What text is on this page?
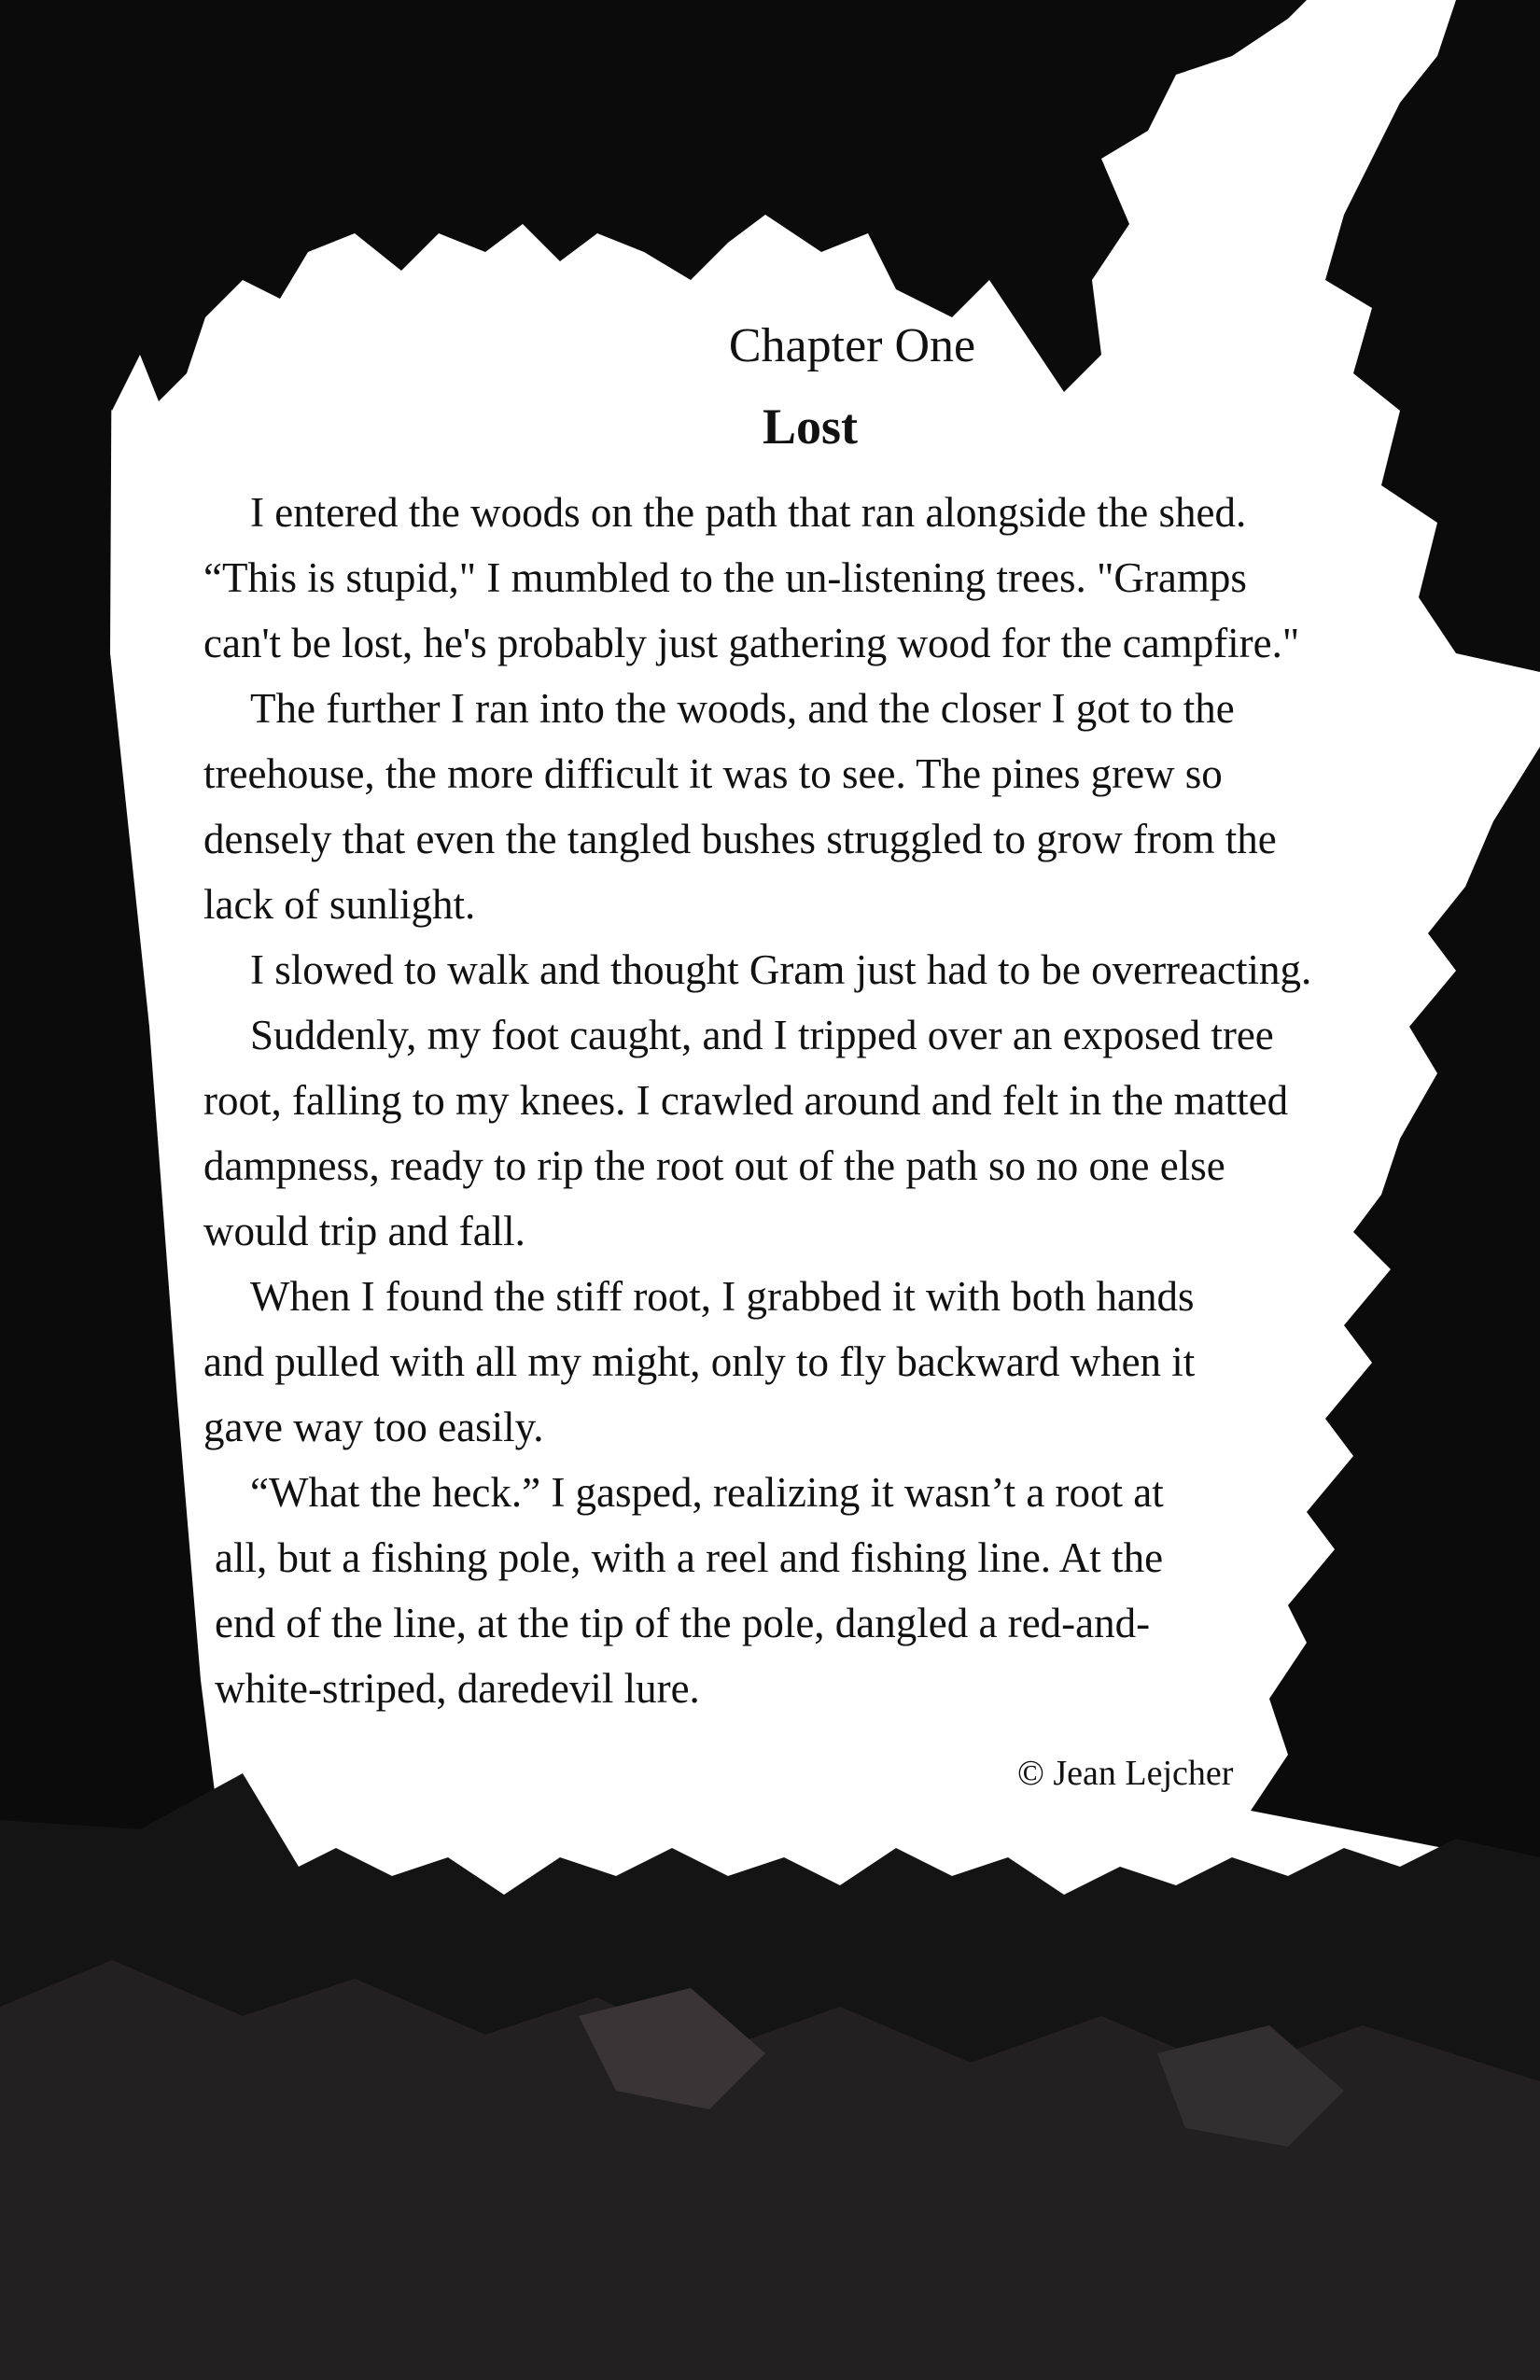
Chapter One

Lost

I entered the woods on the path that ran alongside the shed.

“This is stupid," I mumbled to the un-listening trees. "Gramps

can't be lost, he's probably just gathering wood for the campfire."

The further I ran into the woods, and the closer I got to the

treehouse, the more difficult it was to see. The pines grew so

densely that even the tangled bushes struggled to grow from the

lack of sunlight.

I slowed to walk and thought Gram just had to be overreacting.

Suddenly, my foot caught, and I tripped over an exposed tree

root, falling to my knees. I crawled around and felt in the matted

dampness, ready to rip the root out of the path so no one else

would trip and fall.

When I found the stiff root, I grabbed it with both hands

and pulled with all my might, only to fly backward when it

gave way too easily.

“What the heck.” I gasped, realizing it wasn’t a root at

all, but a fishing pole, with a reel and fishing line. At the

end of the line, at the tip of the pole, dangled a red-and-

white-striped, daredevil lure.

© Jean Lejcher
